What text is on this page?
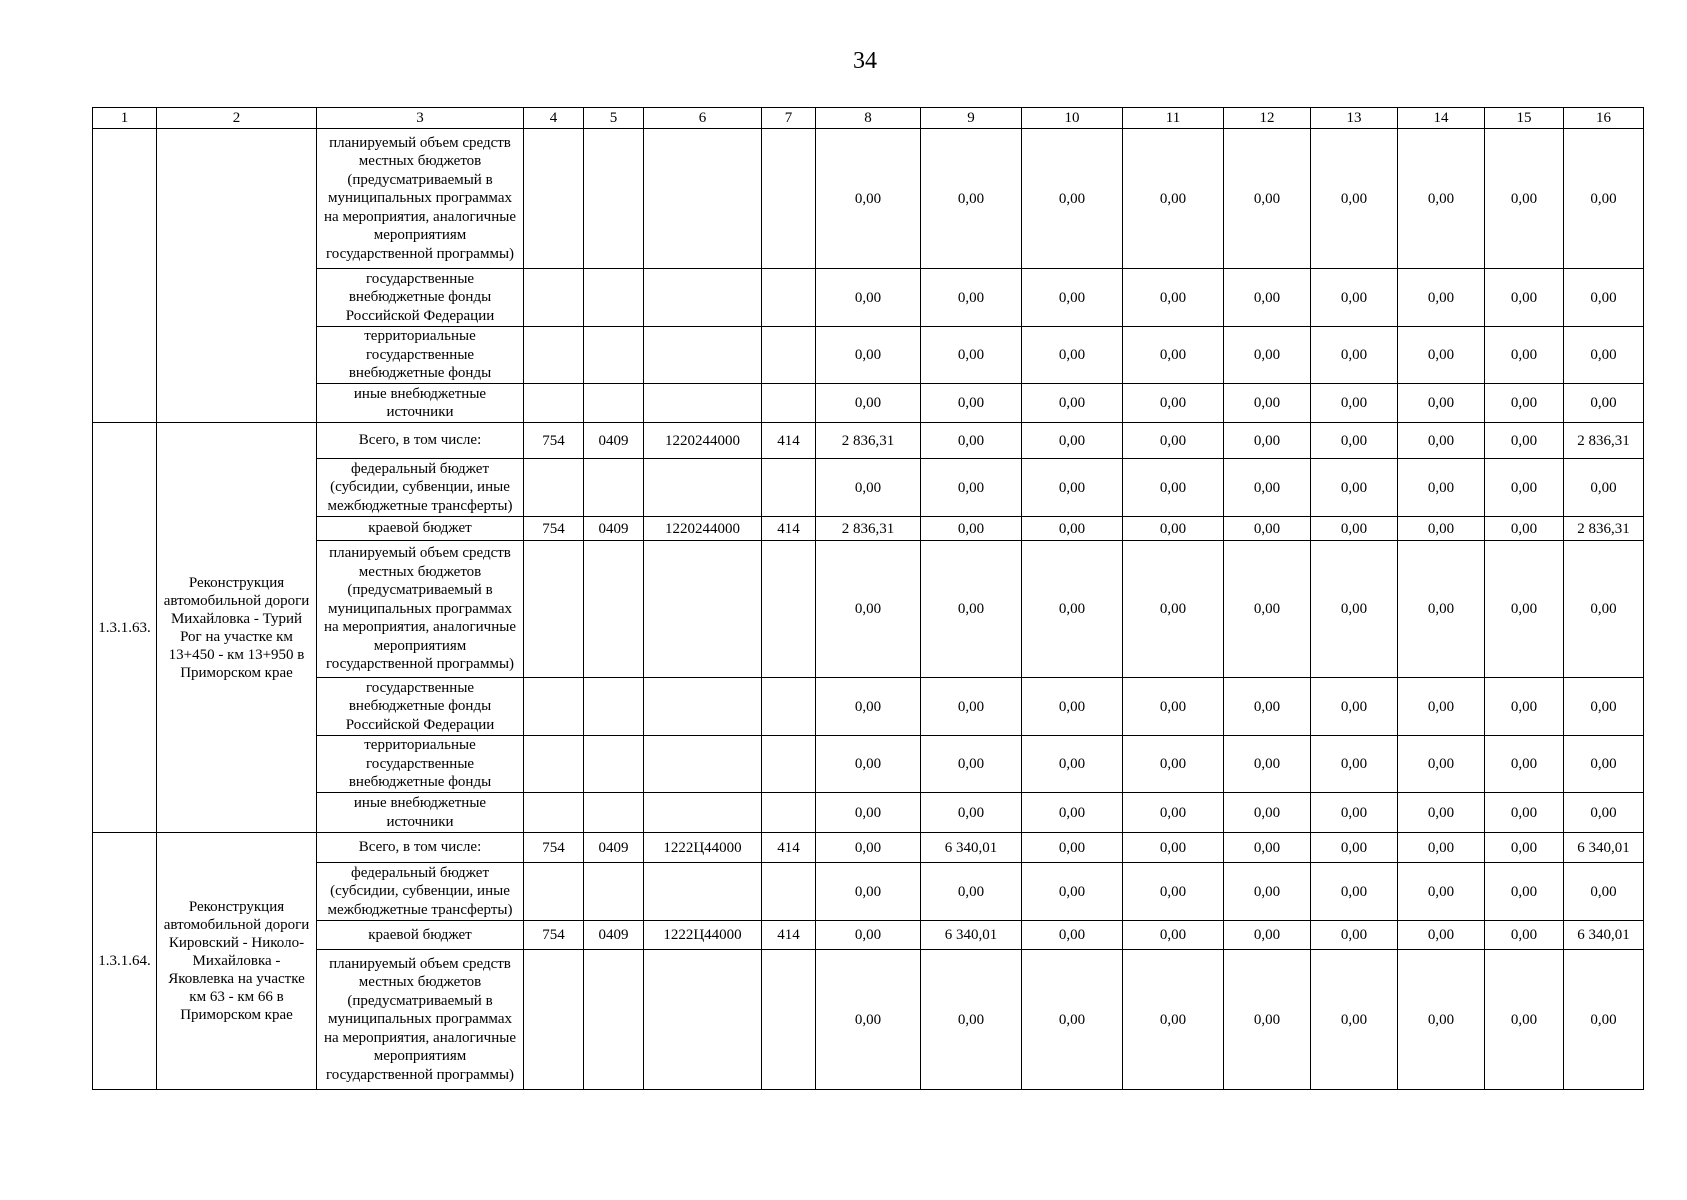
34
1	2	3	4	5	6	7	8	9	10	11	12	13	14	15	16
		планируемый объем средств местных бюджетов (предусматриваемый в муниципальных программах на мероприятия, аналогичные мероприятиям государственной программы)					0,00	0,00	0,00	0,00	0,00	0,00	0,00	0,00	0,00
		государственные внебюджетные фонды Российской Федерации					0,00	0,00	0,00	0,00	0,00	0,00	0,00	0,00	0,00
		территориальные государственные внебюджетные фонды					0,00	0,00	0,00	0,00	0,00	0,00	0,00	0,00	0,00
		иные внебюджетные источники					0,00	0,00	0,00	0,00	0,00	0,00	0,00	0,00	0,00
1.3.1.63.	Реконструкция автомобильной дороги Михайловка - Турий Рог на участке км 13+450 - км 13+950 в Приморском крае	Всего, в том числе:	754	0409	1220244000	414	2 836,31	0,00	0,00	0,00	0,00	0,00	0,00	0,00	2 836,31
		федеральный бюджет (субсидии, субвенции, иные межбюджетные трансферты)					0,00	0,00	0,00	0,00	0,00	0,00	0,00	0,00	0,00
		краевой бюджет	754	0409	1220244000	414	2 836,31	0,00	0,00	0,00	0,00	0,00	0,00	0,00	2 836,31
		планируемый объем средств местных бюджетов (предусматриваемый в муниципальных программах на мероприятия, аналогичные мероприятиям государственной программы)					0,00	0,00	0,00	0,00	0,00	0,00	0,00	0,00	0,00
		государственные внебюджетные фонды Российской Федерации					0,00	0,00	0,00	0,00	0,00	0,00	0,00	0,00	0,00
		территориальные государственные внебюджетные фонды					0,00	0,00	0,00	0,00	0,00	0,00	0,00	0,00	0,00
		иные внебюджетные источники					0,00	0,00	0,00	0,00	0,00	0,00	0,00	0,00	0,00
1.3.1.64.	Реконструкция автомобильной дороги Кировский - Николо-Михайловка - Яковлевка на участке км 63 - км 66 в Приморском крае	Всего, в том числе:	754	0409	1222Ц44000	414	0,00	6 340,01	0,00	0,00	0,00	0,00	0,00	0,00	6 340,01
		федеральный бюджет (субсидии, субвенции, иные межбюджетные трансферты)					0,00	0,00	0,00	0,00	0,00	0,00	0,00	0,00	0,00
		краевой бюджет	754	0409	1222Ц44000	414	0,00	6 340,01	0,00	0,00	0,00	0,00	0,00	0,00	6 340,01
		планируемый объем средств местных бюджетов (предусматриваемый в муниципальных программах на мероприятия, аналогичные мероприятиям государственной программы)					0,00	0,00	0,00	0,00	0,00	0,00	0,00	0,00	0,00
